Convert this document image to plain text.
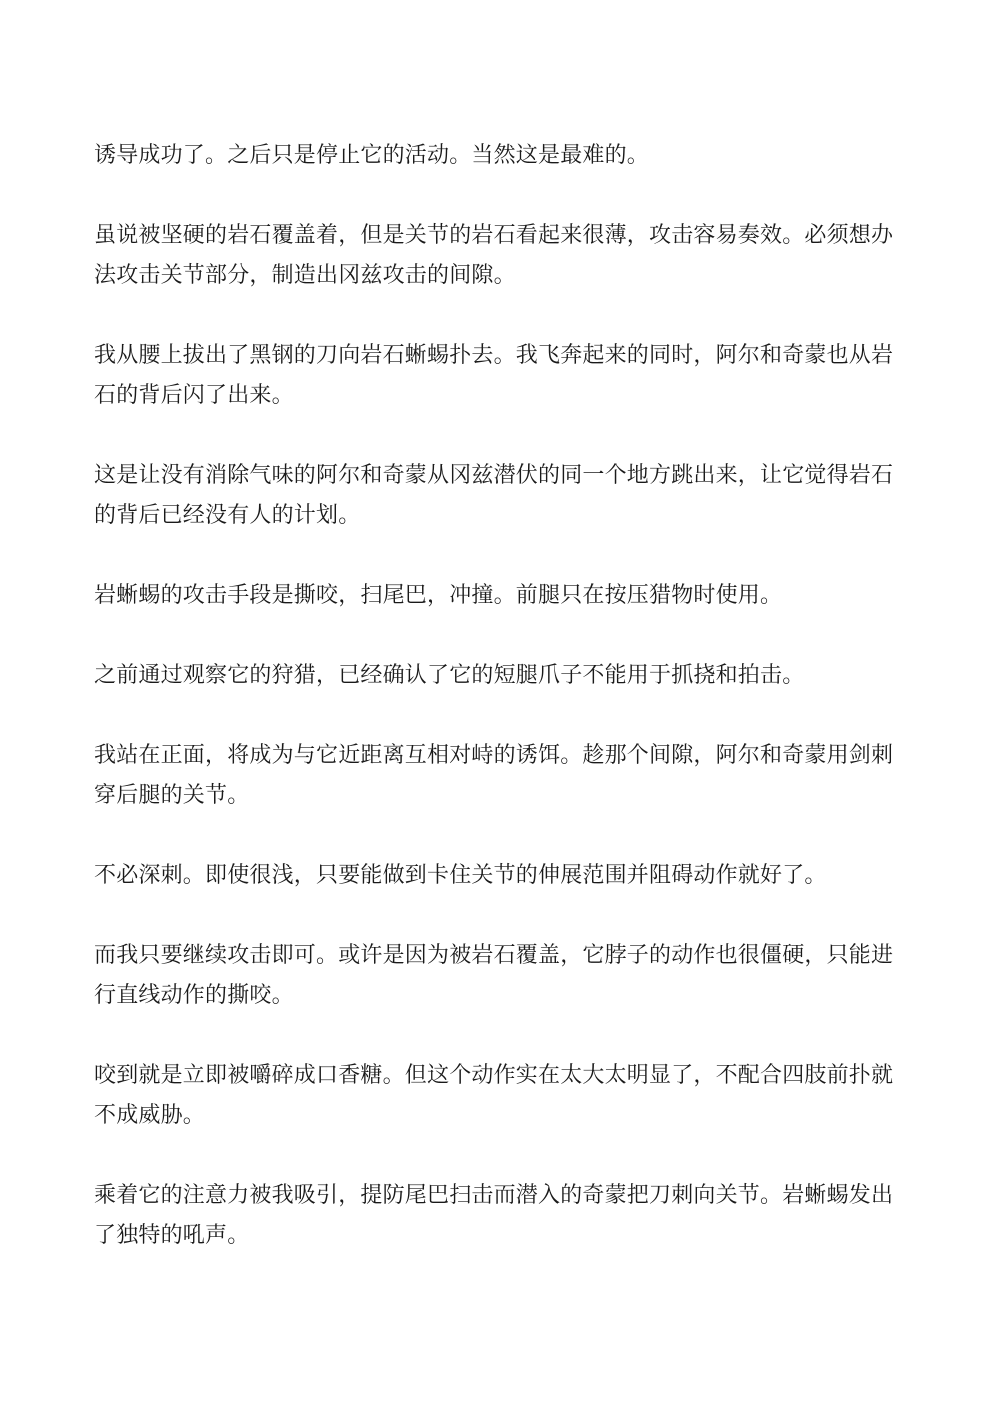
诱导成功了。之后只是停止它的活动。当然这是最难的。

虽说被坚硬的岩石覆盖着，但是关节的岩石看起来很薄，攻击容易奏效。必须想办法攻击关节部分，制造出冈兹攻击的间隙。

我从腰上拔出了黑钢的刀向岩石蜥蜴扑去。我飞奔起来的同时，阿尔和奇蒙也从岩石的背后闪了出来。

这是让没有消除气味的阿尔和奇蒙从冈兹潜伏的同一个地方跳出来，让它觉得岩石的背后已经没有人的计划。

岩蜥蜴的攻击手段是撕咬，扫尾巴，冲撞。前腿只在按压猎物时使用。

之前通过观察它的狩猎，已经确认了它的短腿爪子不能用于抓挠和拍击。

我站在正面，将成为与它近距离互相对峙的诱饵。趁那个间隙，阿尔和奇蒙用剑刺穿后腿的关节。

不必深刺。即使很浅，只要能做到卡住关节的伸展范围并阻碍动作就好了。

而我只要继续攻击即可。或许是因为被岩石覆盖，它脖子的动作也很僵硬，只能进行直线动作的撕咬。

咬到就是立即被嚼碎成口香糖。但这个动作实在太大太明显了，不配合四肢前扑就不成威胁。

乘着它的注意力被我吸引，提防尾巴扫击而潜入的奇蒙把刀刺向关节。岩蜥蜴发出了独特的吼声。
